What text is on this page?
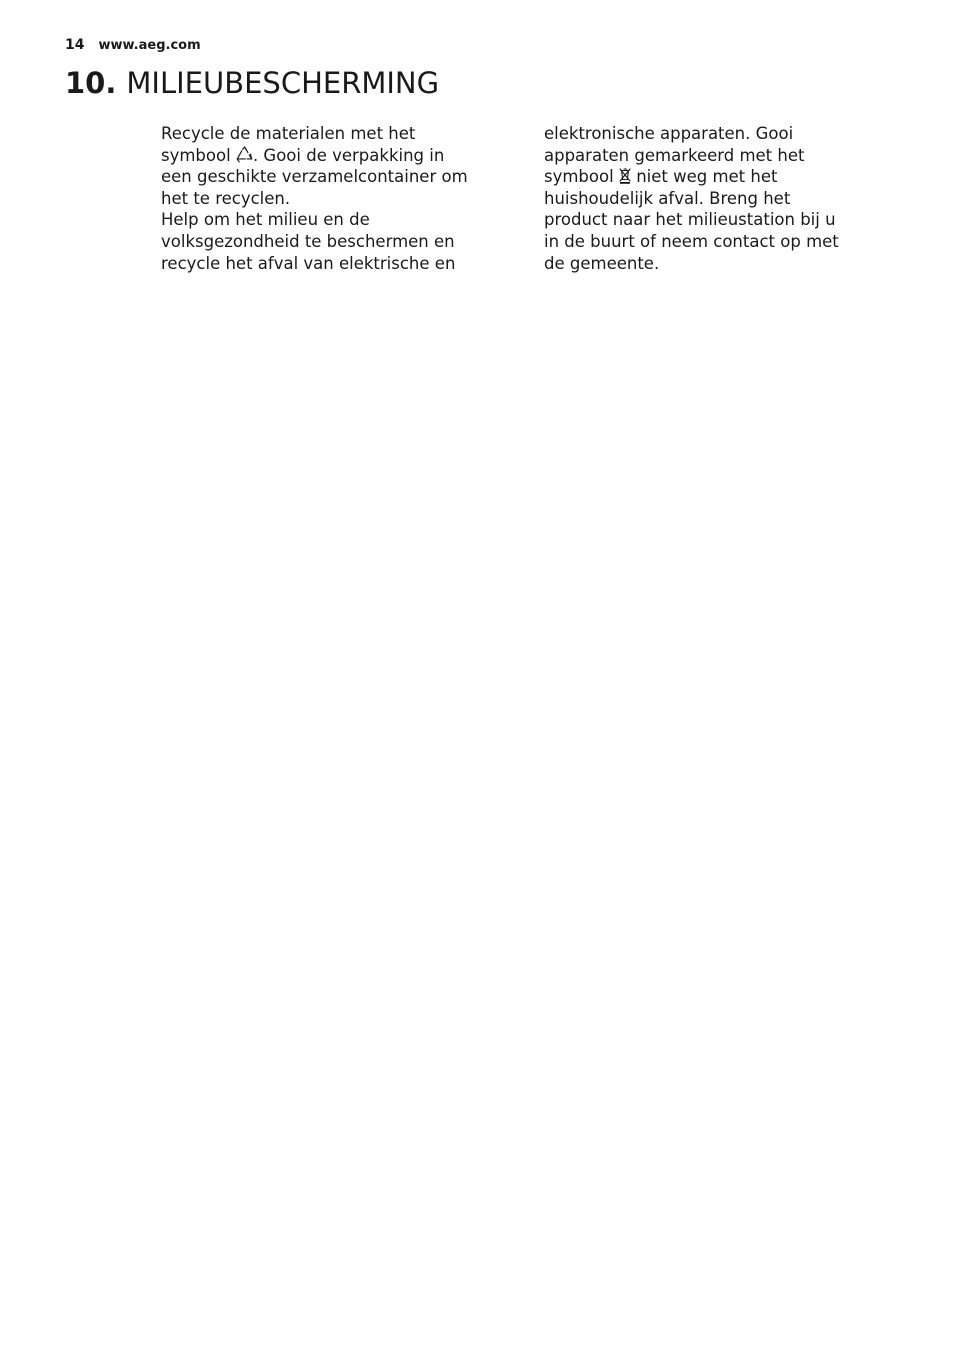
14 www.aeg.com
10. MILIEUBESCHERMING
Recycle de materialen met het
symbool . Gooi de verpakking in
een geschikte verzamelcontainer om
het te recyclen.
Help om het milieu en de
volksgezondheid te beschermen en
recycle het afval van elektrische en
elektronische apparaten. Gooi
apparaten gemarkeerd met het
symbool niet weg met het
huishoudelijk afval. Breng het
product naar het milieustation bij u
in de buurt of neem contact op met
de gemeente.
